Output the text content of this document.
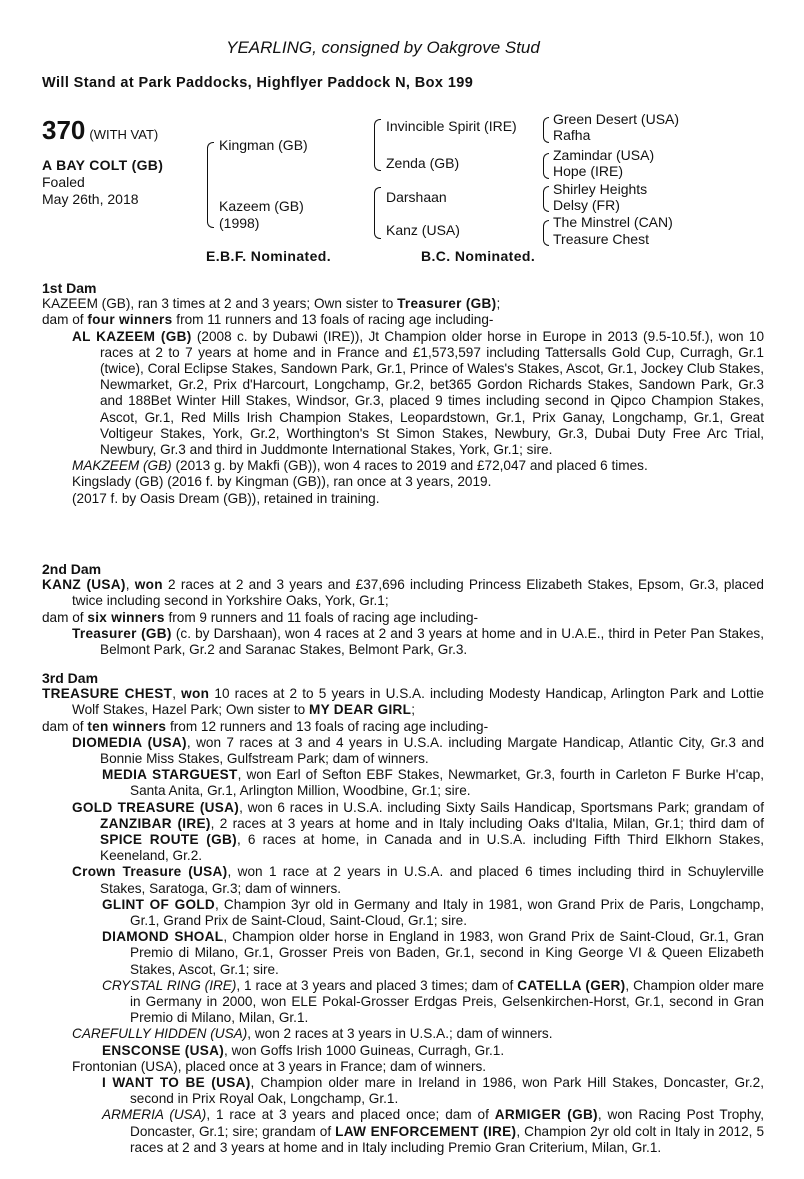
YEARLING, consigned by Oakgrove Stud
Will Stand at Park Paddocks, Highflyer Paddock N, Box 199
370 (WITH VAT)
A BAY COLT (GB)
Foaled
May 26th, 2018
Kingman (GB)
Kazeem (GB)
(1998)
Invincible Spirit (IRE)
Zenda (GB)
Darshaan
Kanz (USA)
Green Desert (USA)
Rafha
Zamindar (USA)
Hope (IRE)
Shirley Heights
Delsy (FR)
The Minstrel (CAN)
Treasure Chest
E.B.F. Nominated.	B.C. Nominated.
1st Dam

KAZEEM (GB), ran 3 times at 2 and 3 years; Own sister to Treasurer (GB);

dam of four winners from 11 runners and 13 foals of racing age including-

AL KAZEEM (GB) (2008 c. by Dubawi (IRE)), Jt Champion older horse in Europe in 2013 (9.5-10.5f.), won 10 races at 2 to 7 years at home and in France and £1,573,597 including Tattersalls Gold Cup, Curragh, Gr.1 (twice), Coral Eclipse Stakes, Sandown Park, Gr.1, Prince of Wales's Stakes, Ascot, Gr.1, Jockey Club Stakes, Newmarket, Gr.2, Prix d'Harcourt, Longchamp, Gr.2, bet365 Gordon Richards Stakes, Sandown Park, Gr.3 and 188Bet Winter Hill Stakes, Windsor, Gr.3, placed 9 times including second in Qipco Champion Stakes, Ascot, Gr.1, Red Mills Irish Champion Stakes, Leopardstown, Gr.1, Prix Ganay, Longchamp, Gr.1, Great Voltigeur Stakes, York, Gr.2, Worthington's St Simon Stakes, Newbury, Gr.3, Dubai Duty Free Arc Trial, Newbury, Gr.3 and third in Juddmonte International Stakes, York, Gr.1; sire.

MAKZEEM (GB) (2013 g. by Makfi (GB)), won 4 races to 2019 and £72,047 and placed 6 times.

Kingslady (GB) (2016 f. by Kingman (GB)), ran once at 3 years, 2019.

(2017 f. by Oasis Dream (GB)), retained in training.

2nd Dam

KANZ (USA), won 2 races at 2 and 3 years and £37,696 including Princess Elizabeth Stakes, Epsom, Gr.3, placed twice including second in Yorkshire Oaks, York, Gr.1;

dam of six winners from 9 runners and 11 foals of racing age including-

Treasurer (GB) (c. by Darshaan), won 4 races at 2 and 3 years at home and in U.A.E., third in Peter Pan Stakes, Belmont Park, Gr.2 and Saranac Stakes, Belmont Park, Gr.3.

3rd Dam

TREASURE CHEST, won 10 races at 2 to 5 years in U.S.A. including Modesty Handicap, Arlington Park and Lottie Wolf Stakes, Hazel Park; Own sister to MY DEAR GIRL;

dam of ten winners from 12 runners and 13 foals of racing age including-

DIOMEDIA (USA), won 7 races at 3 and 4 years in U.S.A. including Margate Handicap, Atlantic City, Gr.3 and Bonnie Miss Stakes, Gulfstream Park; dam of winners.

MEDIA STARGUEST, won Earl of Sefton EBF Stakes, Newmarket, Gr.3, fourth in Carleton F Burke H'cap, Santa Anita, Gr.1, Arlington Million, Woodbine, Gr.1; sire.

GOLD TREASURE (USA), won 6 races in U.S.A. including Sixty Sails Handicap, Sportsmans Park; grandam of ZANZIBAR (IRE), 2 races at 3 years at home and in Italy including Oaks d'Italia, Milan, Gr.1; third dam of SPICE ROUTE (GB), 6 races at home, in Canada and in U.S.A. including Fifth Third Elkhorn Stakes, Keeneland, Gr.2.

Crown Treasure (USA), won 1 race at 2 years in U.S.A. and placed 6 times including third in Schuylerville Stakes, Saratoga, Gr.3; dam of winners.

GLINT OF GOLD, Champion 3yr old in Germany and Italy in 1981, won Grand Prix de Paris, Longchamp, Gr.1, Grand Prix de Saint-Cloud, Saint-Cloud, Gr.1; sire.

DIAMOND SHOAL, Champion older horse in England in 1983, won Grand Prix de Saint-Cloud, Gr.1, Gran Premio di Milano, Gr.1, Grosser Preis von Baden, Gr.1, second in King George VI & Queen Elizabeth Stakes, Ascot, Gr.1; sire.

CRYSTAL RING (IRE), 1 race at 3 years and placed 3 times; dam of CATELLA (GER), Champion older mare in Germany in 2000, won ELE Pokal-Grosser Erdgas Preis, Gelsenkirchen-Horst, Gr.1, second in Gran Premio di Milano, Milan, Gr.1.

CAREFULLY HIDDEN (USA), won 2 races at 3 years in U.S.A.; dam of winners.

ENSCONSE (USA), won Goffs Irish 1000 Guineas, Curragh, Gr.1.

Frontonian (USA), placed once at 3 years in France; dam of winners.

I WANT TO BE (USA), Champion older mare in Ireland in 1986, won Park Hill Stakes, Doncaster, Gr.2, second in Prix Royal Oak, Longchamp, Gr.1.

ARMERIA (USA), 1 race at 3 years and placed once; dam of ARMIGER (GB), won Racing Post Trophy, Doncaster, Gr.1; sire; grandam of LAW ENFORCEMENT (IRE), Champion 2yr old colt in Italy in 2012, 5 races at 2 and 3 years at home and in Italy including Premio Gran Criterium, Milan, Gr.1.
